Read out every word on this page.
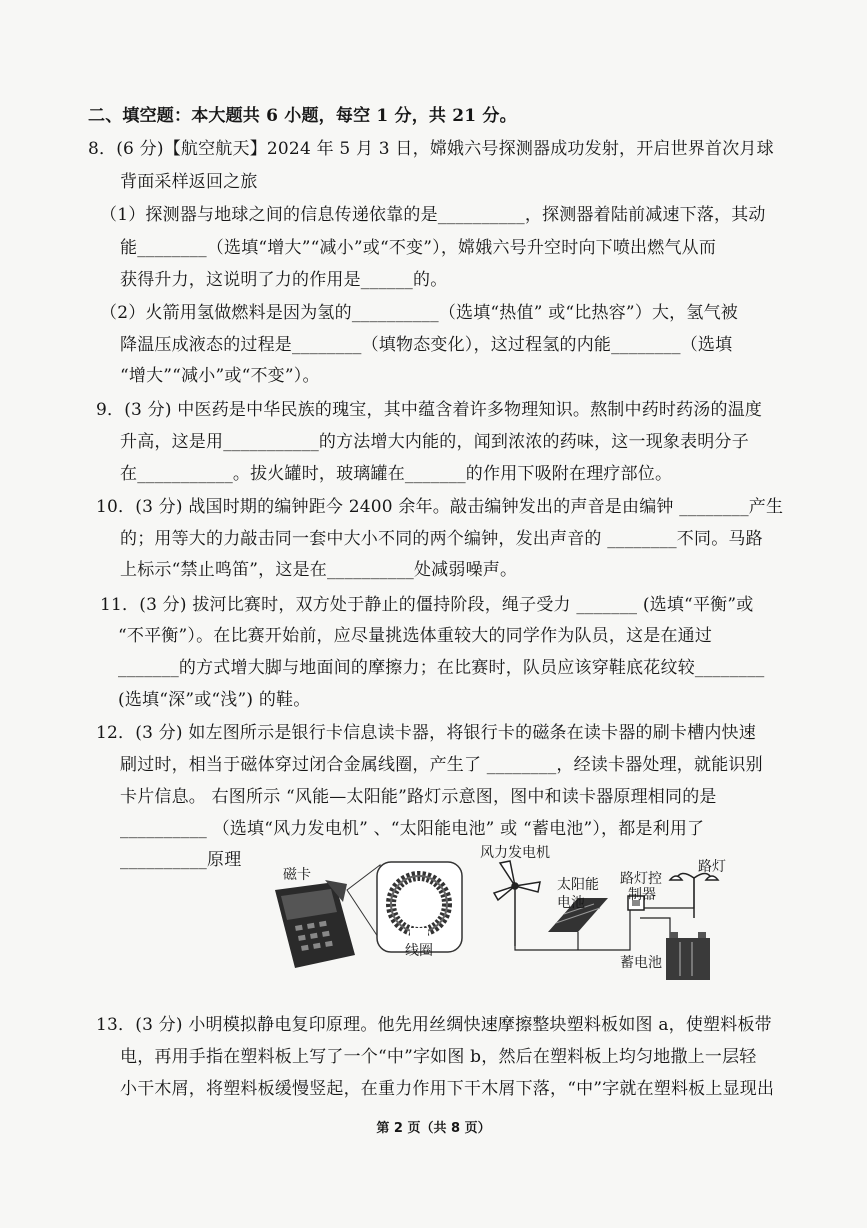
二、填空题：本大题共 6 小题，每空 1 分，共 21 分。
8．(6 分)【航空航天】2024 年 5 月 3 日，嫦娥六号探测器成功发射，开启世界首次月球
背面采样返回之旅
（1）探测器与地球之间的信息传递依靠的是__________，探测器着陆前减速下落，其动
能________（选填“增大”“减小”或“不变”），嫦娥六号升空时向下喷出燃气从而
获得升力，这说明了力的作用是______的。
（2）火箭用氢做燃料是因为氢的__________（选填“热值” 或“比热容”）大，氢气被
降温压成液态的过程是________（填物态变化），这过程氢的内能________（选填
“增大”“减小”或“不变”）。
9．(3 分) 中医药是中华民族的瑰宝，其中蕴含着许多物理知识。熬制中药时药汤的温度
升高，这是用___________的方法增大内能的，闻到浓浓的药味，这一现象表明分子
在___________。拔火罐时，玻璃罐在_______的作用下吸附在理疗部位。
10．(3 分) 战国时期的编钟距今 2400 余年。敲击编钟发出的声音是由编钟 ________产生
的；用等大的力敲击同一套中大小不同的两个编钟，发出声音的 ________不同。马路
上标示“禁止鸣笛”，这是在__________处减弱噪声。
11．(3 分) 拔河比赛时，双方处于静止的僵持阶段，绳子受力 _______ (选填“平衡”或
“不平衡”）。在比赛开始前，应尽量挑选体重较大的同学作为队员，这是在通过
_______的方式增大脚与地面间的摩擦力；在比赛时，队员应该穿鞋底花纹较________
(选填“深”或“浅”) 的鞋。
12．(3 分) 如左图所示是银行卡信息读卡器，将银行卡的磁条在读卡器的刷卡槽内快速
刷过时，相当于磁体穿过闭合金属线圈，产生了 ________，经读卡器处理，就能识别
卡片信息。 右图所示 “风能—太阳能”路灯示意图，图中和读卡器原理相同的是
__________ （选填“风力发电机” 、“太阳能电池” 或 “蓄电池”），都是利用了
__________原理
磁卡
线圈
风力发电机
太阳能
电池
路灯控
制器
路灯
蓄电池
13．(3 分) 小明模拟静电复印原理。他先用丝绸快速摩擦整块塑料板如图 a，使塑料板带
电，再用手指在塑料板上写了一个“中”字如图 b，然后在塑料板上均匀地撒上一层轻
小干木屑，将塑料板缓慢竖起，在重力作用下干木屑下落，“中”字就在塑料板上显现出
第 2 页（共 8 页）
